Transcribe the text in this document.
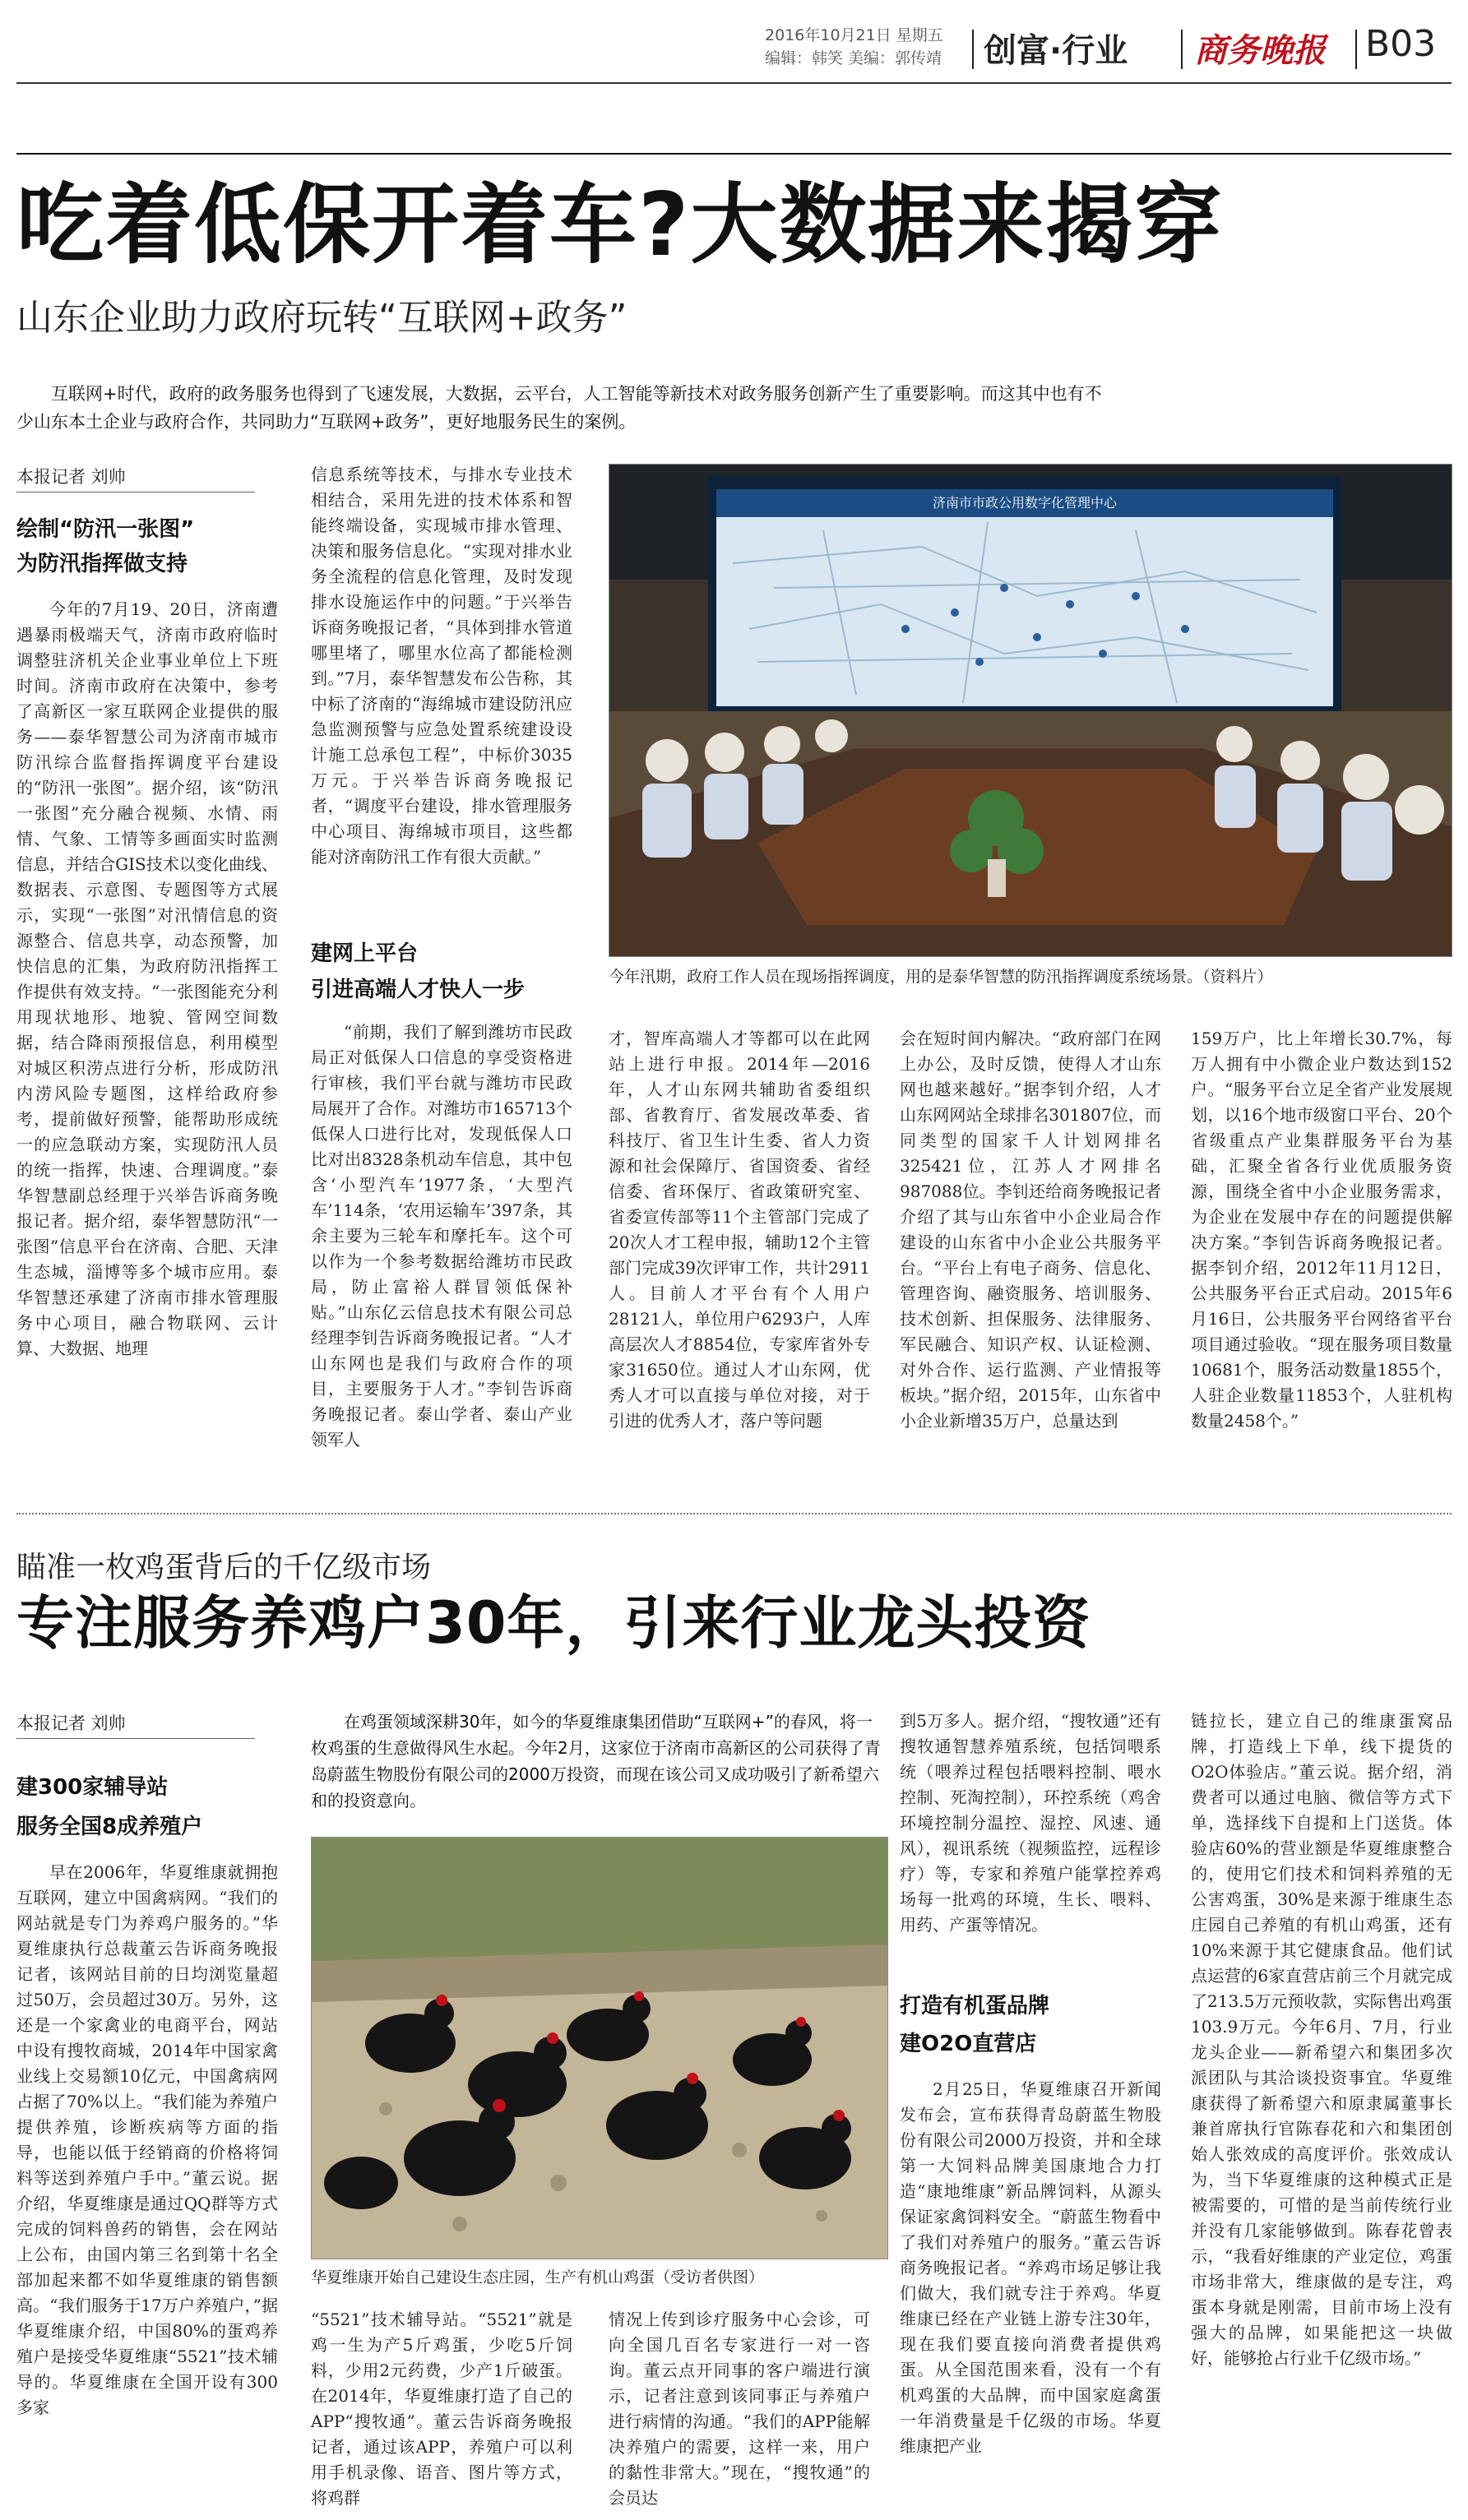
2016年10月21日 星期五
编辑：韩笑 美编：郭传靖 创富·行业 商务晚报 B03
吃着低保开着车?大数据来揭穿
山东企业助力政府玩转“互联网+政务”
互联网+时代，政府的政务服务也得到了飞速发展，大数据，云平台，人工智能等新技术对政务服务创新产生了重要影响。而这其中也有不少山东本土企业与政府合作，共同助力“互联网+政务”，更好地服务民生的案例。
本报记者 刘帅
绘制“防汛一张图”
为防汛指挥做支持
今年的7月19、20日，济南遭遇暴雨极端天气，济南市政府临时调整驻济机关企业事业单位上下班时间。济南市政府在决策中，参考了高新区一家互联网企业提供的服务——泰华智慧公司为济南市城市防汛综合监督指挥调度平台建设的“防汛一张图”。据介绍，该“防汛一张图”充分融合视频、水情、雨情、气象、工情等多画面实时监测信息，并结合GIS技术以变化曲线、数据表、示意图、专题图等方式展示，实现“一张图”对汛情信息的资源整合、信息共享，动态预警，加快信息的汇集，为政府防汛指挥工作提供有效支持。“一张图能充分利用现状地形、地貌、管网空间数据，结合降雨预报信息，利用模型对城区积涝点进行分析，形成防汛内涝风险专题图，这样给政府参考，提前做好预警，能帮助形成统一的应急联动方案，实现防汛人员的统一指挥，快速、合理调度。”泰华智慧副总经理于兴举告诉商务晚报记者。据介绍，泰华智慧防汛“一张图”信息平台在济南、合肥、天津生态城，淄博等多个城市应用。泰华智慧还承建了济南市排水管理服务中心项目，融合物联网、云计算、大数据、地理
信息系统等技术，与排水专业技术相结合，采用先进的技术体系和智能终端设备，实现城市排水管理、决策和服务信息化。“实现对排水业务全流程的信息化管理，及时发现排水设施运作中的问题。”于兴举告诉商务晚报记者，“具体到排水管道哪里堵了，哪里水位高了都能检测到。”7月，泰华智慧发布公告称，其中标了济南的“海绵城市建设防汛应急监测预警与应急处置系统建设设计施工总承包工程”，中标价3035万元。于兴举告诉商务晚报记者，“调度平台建设，排水管理服务中心项目、海绵城市项目，这些都能对济南防汛工作有很大贡献。”
建网上平台
引进高端人才快人一步
“前期，我们了解到潍坊市民政局正对低保人口信息的享受资格进行审核，我们平台就与潍坊市民政局展开了合作。对潍坊市165713个低保人口进行比对，发现低保人口比对出8328条机动车信息，其中包含‘小型汽车’1977条，‘大型汽车’114条，‘农用运输车’397条，其余主要为三轮车和摩托车。这个可以作为一个参考数据给潍坊市民政局，防止富裕人群冒领低保补贴。”山东亿云信息技术有限公司总经理李钊告诉商务晚报记者。“人才山东网也是我们与政府合作的项目，主要服务于人才。”李钊告诉商务晚报记者。泰山学者、泰山产业领军人
济南市市政公用数字化管理中心
今年汛期，政府工作人员在现场指挥调度，用的是泰华智慧的防汛指挥调度系统场景。（资料片）
才，智库高端人才等都可以在此网站上进行申报。2014年—2016年，人才山东网共辅助省委组织部、省教育厅、省发展改革委、省科技厅、省卫生计生委、省人力资源和社会保障厅、省国资委、省经信委、省环保厅、省政策研究室、省委宣传部等11个主管部门完成了20次人才工程申报，辅助12个主管部门完成39次评审工作，共计2911人。目前人才平台有个人用户28121人，单位用户6293户，人库高层次人才8854位，专家库省外专家31650位。通过人才山东网，优秀人才可以直接与单位对接，对于引进的优秀人才，落户等问题
会在短时间内解决。“政府部门在网上办公，及时反馈，使得人才山东网也越来越好。”据李钊介绍，人才山东网网站全球排名301807位，而同类型的国家千人计划网排名325421位，江苏人才网排名987088位。李钊还给商务晚报记者介绍了其与山东省中小企业局合作建设的山东省中小企业公共服务平台。“平台上有电子商务、信息化、管理咨询、融资服务、培训服务、技术创新、担保服务、法律服务、军民融合、知识产权、认证检测、对外合作、运行监测、产业情报等板块。”据介绍，2015年，山东省中小企业新增35万户，总量达到
159万户，比上年增长30.7%，每万人拥有中小微企业户数达到152户。“服务平台立足全省产业发展规划，以16个地市级窗口平台、20个省级重点产业集群服务平台为基础，汇聚全省各行业优质服务资源，围绕全省中小企业服务需求，为企业在发展中存在的问题提供解决方案。”李钊告诉商务晚报记者。据李钊介绍，2012年11月12日，公共服务平台正式启动。2015年6月16日，公共服务平台网络省平台项目通过验收。“现在服务项目数量10681个，服务活动数量1855个，人驻企业数量11853个，人驻机构数量2458个。”
瞄准一枚鸡蛋背后的千亿级市场
专注服务养鸡户30年，引来行业龙头投资
本报记者 刘帅
建300家辅导站
服务全国8成养殖户
早在2006年，华夏维康就拥抱互联网，建立中国禽病网。“我们的网站就是专门为养鸡户服务的。”华夏维康执行总裁董云告诉商务晚报记者，该网站目前的日均浏览量超过50万，会员超过30万。另外，这还是一个家禽业的电商平台，网站中设有搜牧商城，2014年中国家禽业线上交易额10亿元，中国禽病网占据了70%以上。“我们能为养殖户提供养殖，诊断疾病等方面的指导，也能以低于经销商的价格将饲料等送到养殖户手中。”董云说。据介绍，华夏维康是通过QQ群等方式完成的饲料兽药的销售，会在网站上公布，由国内第三名到第十名全部加起来都不如华夏维康的销售额高。“我们服务于17万户养殖户，”据华夏维康介绍，中国80%的蛋鸡养殖户是接受华夏维康“5521”技术辅导的。华夏维康在全国开设有300多家
在鸡蛋领域深耕30年，如今的华夏维康集团借助“互联网+”的春风，将一枚鸡蛋的生意做得风生水起。今年2月，这家位于济南市高新区的公司获得了青岛蔚蓝生物股份有限公司的2000万投资，而现在该公司又成功吸引了新希望六和的投资意向。
华夏维康开始自己建设生态庄园，生产有机山鸡蛋（受访者供图）
“5521”技术辅导站。“5521”就是鸡一生为产5斤鸡蛋，少吃5斤饲料，少用2元药费，少产1斤破蛋。在2014年，华夏维康打造了自己的APP“搜牧通”。董云告诉商务晚报记者，通过该APP，养殖户可以利用手机录像、语音、图片等方式，将鸡群
情况上传到诊疗服务中心会诊，可向全国几百名专家进行一对一咨询。董云点开同事的客户端进行演示，记者注意到该同事正与养殖户进行病情的沟通。“我们的APP能解决养殖户的需要，这样一来，用户的黏性非常大。”现在，“搜牧通”的会员达
到5万多人。据介绍，“搜牧通”还有搜牧通智慧养殖系统，包括饲喂系统（喂养过程包括喂料控制、喂水控制、死淘控制），环控系统（鸡舍环境控制分温控、湿控、风速、通风），视讯系统（视频监控，远程诊疗）等，专家和养殖户能掌控养鸡场每一批鸡的环境，生长、喂料、用药、产蛋等情况。
打造有机蛋品牌
建O2O直营店
2月25日，华夏维康召开新闻发布会，宣布获得青岛蔚蓝生物股份有限公司2000万投资，并和全球第一大饲料品牌美国康地合力打造“康地维康”新品牌饲料，从源头保证家禽饲料安全。“蔚蓝生物看中了我们对养殖户的服务。”董云告诉商务晚报记者。“养鸡市场足够让我们做大，我们就专注于养鸡。华夏维康已经在产业链上游专注30年，现在我们要直接向消费者提供鸡蛋。从全国范围来看，没有一个有机鸡蛋的大品牌，而中国家庭禽蛋一年消费量是千亿级的市场。华夏维康把产业
链拉长，建立自己的维康蛋窝品牌，打造线上下单，线下提货的O2O体验店。”董云说。据介绍，消费者可以通过电脑、微信等方式下单，选择线下自提和上门送货。体验店60%的营业额是华夏维康整合的，使用它们技术和饲料养殖的无公害鸡蛋，30%是来源于维康生态庄园自己养殖的有机山鸡蛋，还有10%来源于其它健康食品。他们试点运营的6家直营店前三个月就完成了213.5万元预收款，实际售出鸡蛋103.9万元。今年6月、7月，行业龙头企业——新希望六和集团多次派团队与其洽谈投资事宜。华夏维康获得了新希望六和原隶属董事长兼首席执行官陈春花和六和集团创始人张效成的高度评价。张效成认为，当下华夏维康的这种模式正是被需要的，可惜的是当前传统行业并没有几家能够做到。陈春花曾表示，“我看好维康的产业定位，鸡蛋市场非常大，维康做的是专注，鸡蛋本身就是刚需，目前市场上没有强大的品牌，如果能把这一块做好，能够抢占行业千亿级市场。”
